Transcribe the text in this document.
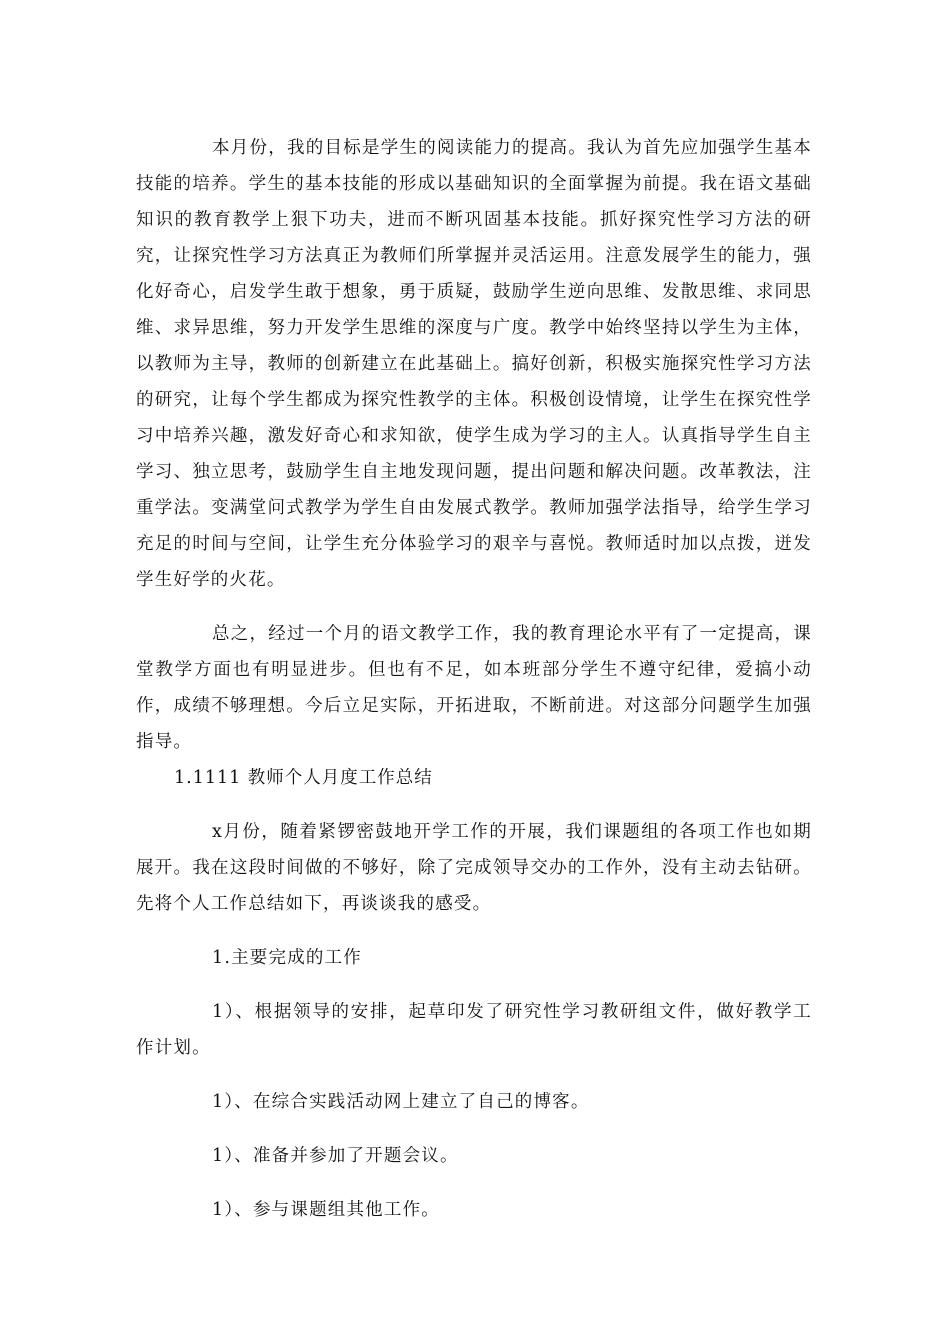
本月份，我的目标是学生的阅读能力的提高。我认为首先应加强学生基本技能的培养。学生的基本技能的形成以基础知识的全面掌握为前提。我在语文基础知识的教育教学上狠下功夫，进而不断巩固基本技能。抓好探究性学习方法的研究，让探究性学习方法真正为教师们所掌握并灵活运用。注意发展学生的能力，强化好奇心，启发学生敢于想象，勇于质疑，鼓励学生逆向思维、发散思维、求同思维、求异思维，努力开发学生思维的深度与广度。教学中始终坚持以学生为主体，以教师为主导，教师的创新建立在此基础上。搞好创新，积极实施探究性学习方法的研究，让每个学生都成为探究性教学的主体。积极创设情境，让学生在探究性学习中培养兴趣，激发好奇心和求知欲，使学生成为学习的主人。认真指导学生自主学习、独立思考，鼓励学生自主地发现问题，提出问题和解决问题。改革教法，注重学法。变满堂问式教学为学生自由发展式教学。教师加强学法指导，给学生学习充足的时间与空间，让学生充分体验学习的艰辛与喜悦。教师适时加以点拨，迸发学生好学的火花。

总之，经过一个月的语文教学工作，我的教育理论水平有了一定提高，课堂教学方面也有明显进步。但也有不足，如本班部分学生不遵守纪律，爱搞小动作，成绩不够理想。今后立足实际，开拓进取，不断前进。对这部分问题学生加强指导。

1.1111 教师个人月度工作总结

x月份，随着紧锣密鼓地开学工作的开展，我们课题组的各项工作也如期展开。我在这段时间做的不够好，除了完成领导交办的工作外，没有主动去钻研。先将个人工作总结如下，再谈谈我的感受。

1.主要完成的工作

1）、根据领导的安排，起草印发了研究性学习教研组文件，做好教学工作计划。

1）、在综合实践活动网上建立了自己的博客。

1）、准备并参加了开题会议。

1）、参与课题组其他工作。
